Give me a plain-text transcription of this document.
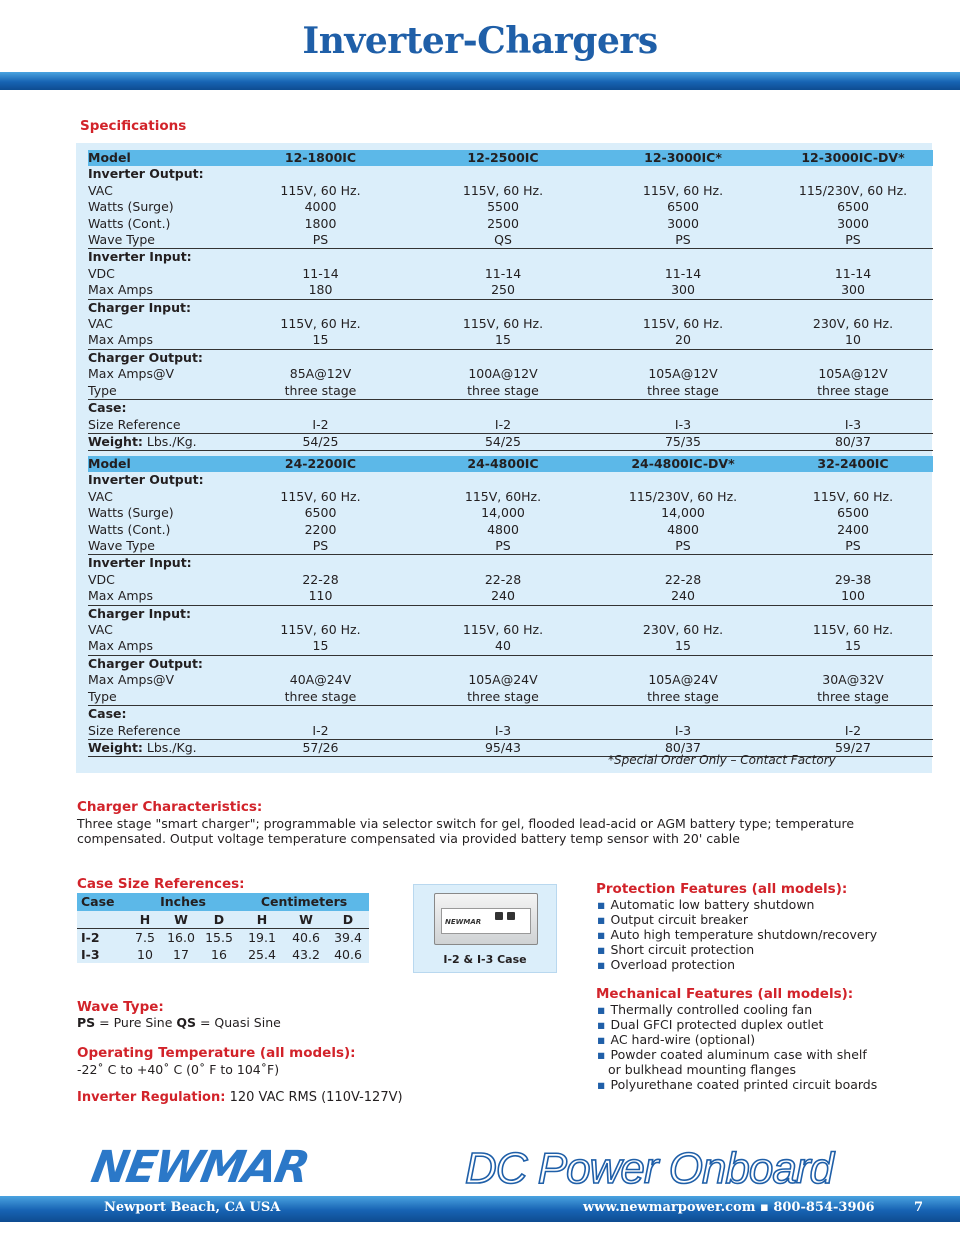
Inverter-Chargers
Specifications
Model	12-1800IC	12-2500IC	12-3000IC*	12-3000IC-DV*
Inverter Output:				
VAC	115V, 60 Hz.	115V, 60 Hz.	115V, 60 Hz.	115/230V, 60 Hz.
Watts (Surge)	4000	5500	6500	6500
Watts (Cont.)	1800	2500	3000	3000
Wave Type	PS	QS	PS	PS
Inverter Input:				
VDC	11-14	11-14	11-14	11-14
Max Amps	180	250	300	300
Charger Input:				
VAC	115V, 60 Hz.	115V, 60 Hz.	115V, 60 Hz.	230V, 60 Hz.
Max Amps	15	15	20	10
Charger Output:				
Max Amps@V	85A@12V	100A@12V	105A@12V	105A@12V
Type	three stage	three stage	three stage	three stage
Case:				
Size Reference	I-2	I-2	I-3	I-3
Weight: Lbs./Kg.	54/25	54/25	75/35	80/37
Model	24-2200IC	24-4800IC	24-4800IC-DV*	32-2400IC
Inverter Output:				
VAC	115V, 60 Hz.	115V, 60Hz.	115/230V, 60 Hz.	115V, 60 Hz.
Watts (Surge)	6500	14,000	14,000	6500
Watts (Cont.)	2200	4800	4800	2400
Wave Type	PS	PS	PS	PS
Inverter Input:				
VDC	22-28	22-28	22-28	29-38
Max Amps	110	240	240	100
Charger Input:				
VAC	115V, 60 Hz.	115V, 60 Hz.	230V, 60 Hz.	115V, 60 Hz.
Max Amps	15	40	15	15
Charger Output:				
Max Amps@V	40A@24V	105A@24V	105A@24V	30A@32V
Type	three stage	three stage	three stage	three stage
Case:				
Size Reference	I-2	I-3	I-3	I-2
Weight: Lbs./Kg.	57/26	95/43	80/37	59/27
*Special Order Only – Contact Factory
Charger Characteristics:
Three stage "smart charger"; programmable via selector switch for gel, flooded lead-acid or AGM battery type; temperature compensated. Output voltage temperature compensated via provided battery temp sensor with 20' cable
Case Size References:
Case	Inches			Centimeters		
	H	W	D	H	W	D
I-2	7.5	16.0	15.5	19.1	40.6	39.4
I-3	10	17	16	25.4	43.2	40.6
NEWMAR
I-2 & I-3 Case
Wave Type:
PS = Pure Sine QS = Quasi Sine
Operating Temperature (all models):
-22˚ C to +40˚ C (0˚ F to 104˚F)
Inverter Regulation: 120 VAC RMS (110V-127V)
Protection Features (all models):
▪ Automatic low battery shutdown
▪ Output circuit breaker
▪ Auto high temperature shutdown/recovery
▪ Short circuit protection
▪ Overload protection
Mechanical Features (all models):
▪ Thermally controlled cooling fan
▪ Dual GFCI protected duplex outlet
▪ AC hard-wire (optional)
▪ Powder coated aluminum case with shelf
or bulkhead mounting flanges
▪ Polyurethane coated printed circuit boards
NEWMAR	DC Power Onboard
Newport Beach, CA USA	www.newmarpower.com ▪ 800-854-3906	7
